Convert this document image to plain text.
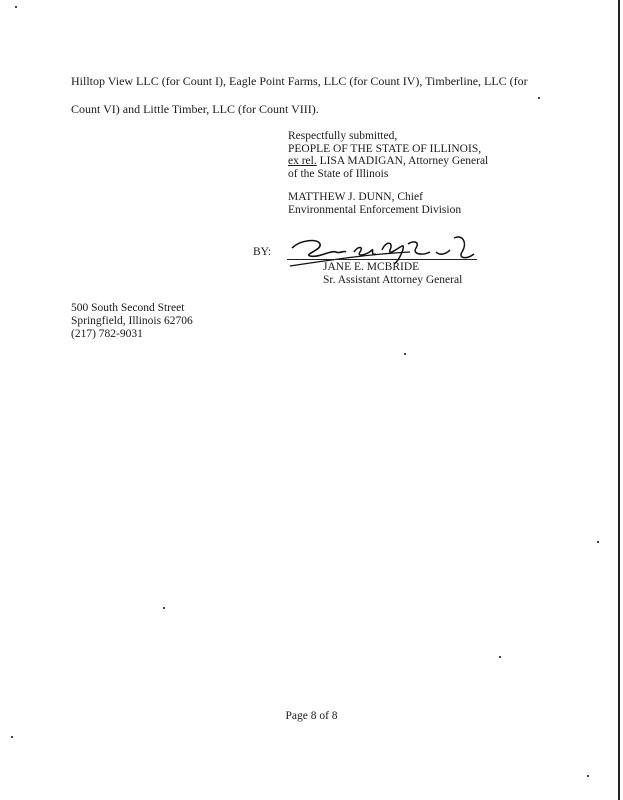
Hilltop View LLC (for Count I), Eagle Point Farms, LLC (for Count IV), Timberline, LLC (for
Count VI) and Little Timber, LLC (for Count VIII).
Respectfully submitted,
PEOPLE OF THE STATE OF ILLINOIS,
ex rel. LISA MADIGAN, Attorney General
of the State of Illinois
MATTHEW J. DUNN, Chief
Environmental Enforcement Division
BY:
JANE E. MCBRIDE
Sr. Assistant Attorney General
500 South Second Street
Springfield, Illinois 62706
(217) 782-9031
Page 8 of 8
